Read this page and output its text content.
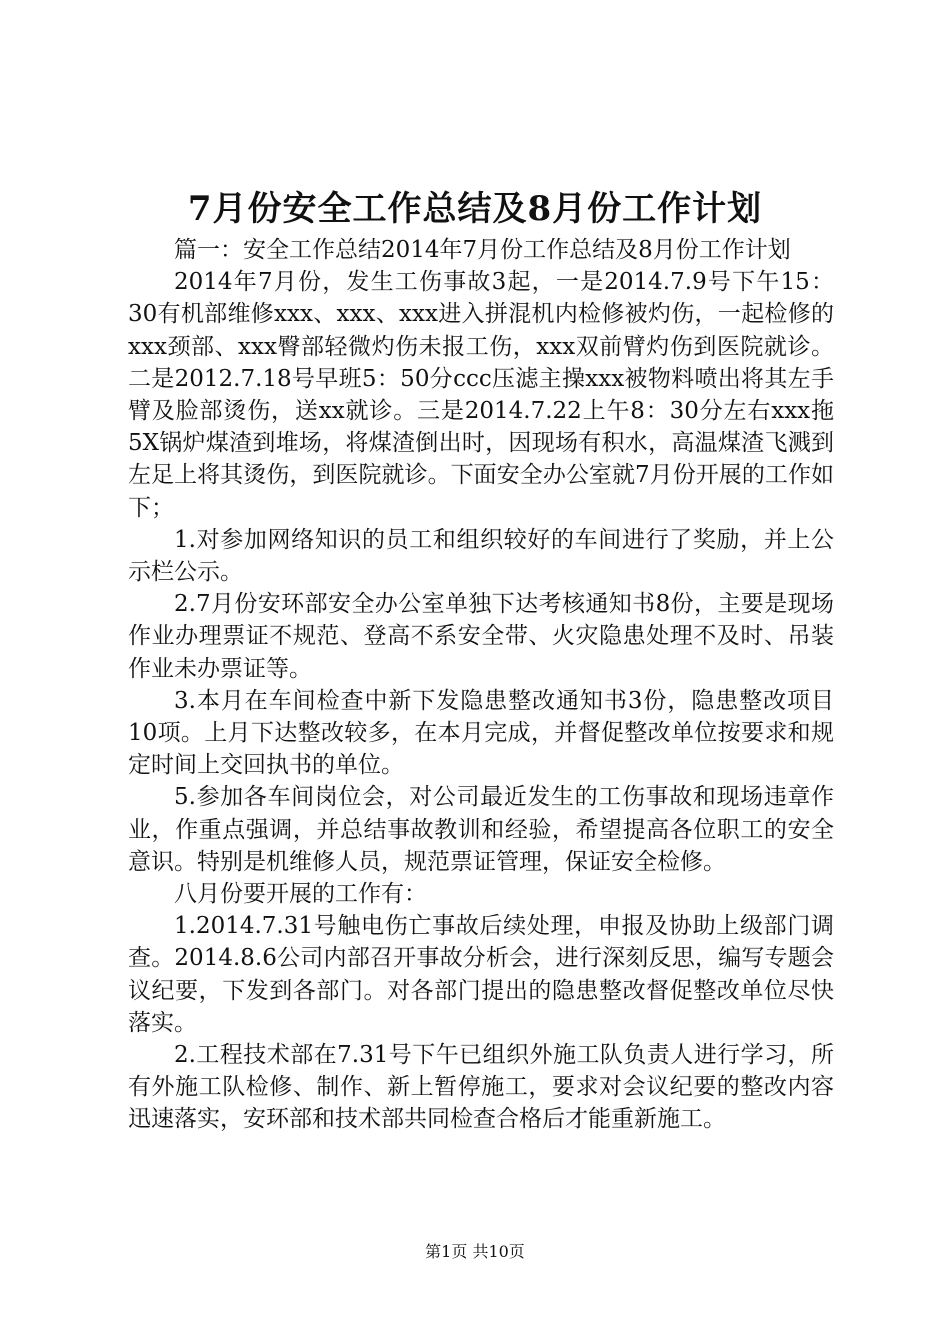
7月份安全工作总结及8月份工作计划

篇一：安全工作总结2014年7月份工作总结及8月份工作计划

2014年7月份，发生工伤事故3起，一是2014.7.9号下午15：30有机部维修xxx、xxx、xxx进入拼混机内检修被灼伤，一起检修的xxx颈部、xxx臀部轻微灼伤未报工伤，xxx双前臂灼伤到医院就诊。二是2012.7.18号早班5：50分ccc压滤主操xxx被物料喷出将其左手臂及脸部烫伤，送xx就诊。三是2014.7.22上午8：30分左右xxx拖5X锅炉煤渣到堆场，将煤渣倒出时，因现场有积水，高温煤渣飞溅到左足上将其烫伤，到医院就诊。下面安全办公室就7月份开展的工作如下；

1.对参加网络知识的员工和组织较好的车间进行了奖励，并上公示栏公示。

2.7月份安环部安全办公室单独下达考核通知书8份，主要是现场作业办理票证不规范、登高不系安全带、火灾隐患处理不及时、吊装作业未办票证等。

3.本月在车间检查中新下发隐患整改通知书3份，隐患整改项目10项。上月下达整改较多，在本月完成，并督促整改单位按要求和规定时间上交回执书的单位。

5.参加各车间岗位会，对公司最近发生的工伤事故和现场违章作业，作重点强调，并总结事故教训和经验，希望提高各位职工的安全意识。特别是机维修人员，规范票证管理，保证安全检修。

八月份要开展的工作有：

1.2014.7.31号触电伤亡事故后续处理，申报及协助上级部门调查。2014.8.6公司内部召开事故分析会，进行深刻反思，编写专题会议纪要，下发到各部门。对各部门提出的隐患整改督促整改单位尽快落实。

2.工程技术部在7.31号下午已组织外施工队负责人进行学习，所有外施工队检修、制作、新上暂停施工，要求对会议纪要的整改内容迅速落实，安环部和技术部共同检查合格后才能重新施工。

第1页 共10页
